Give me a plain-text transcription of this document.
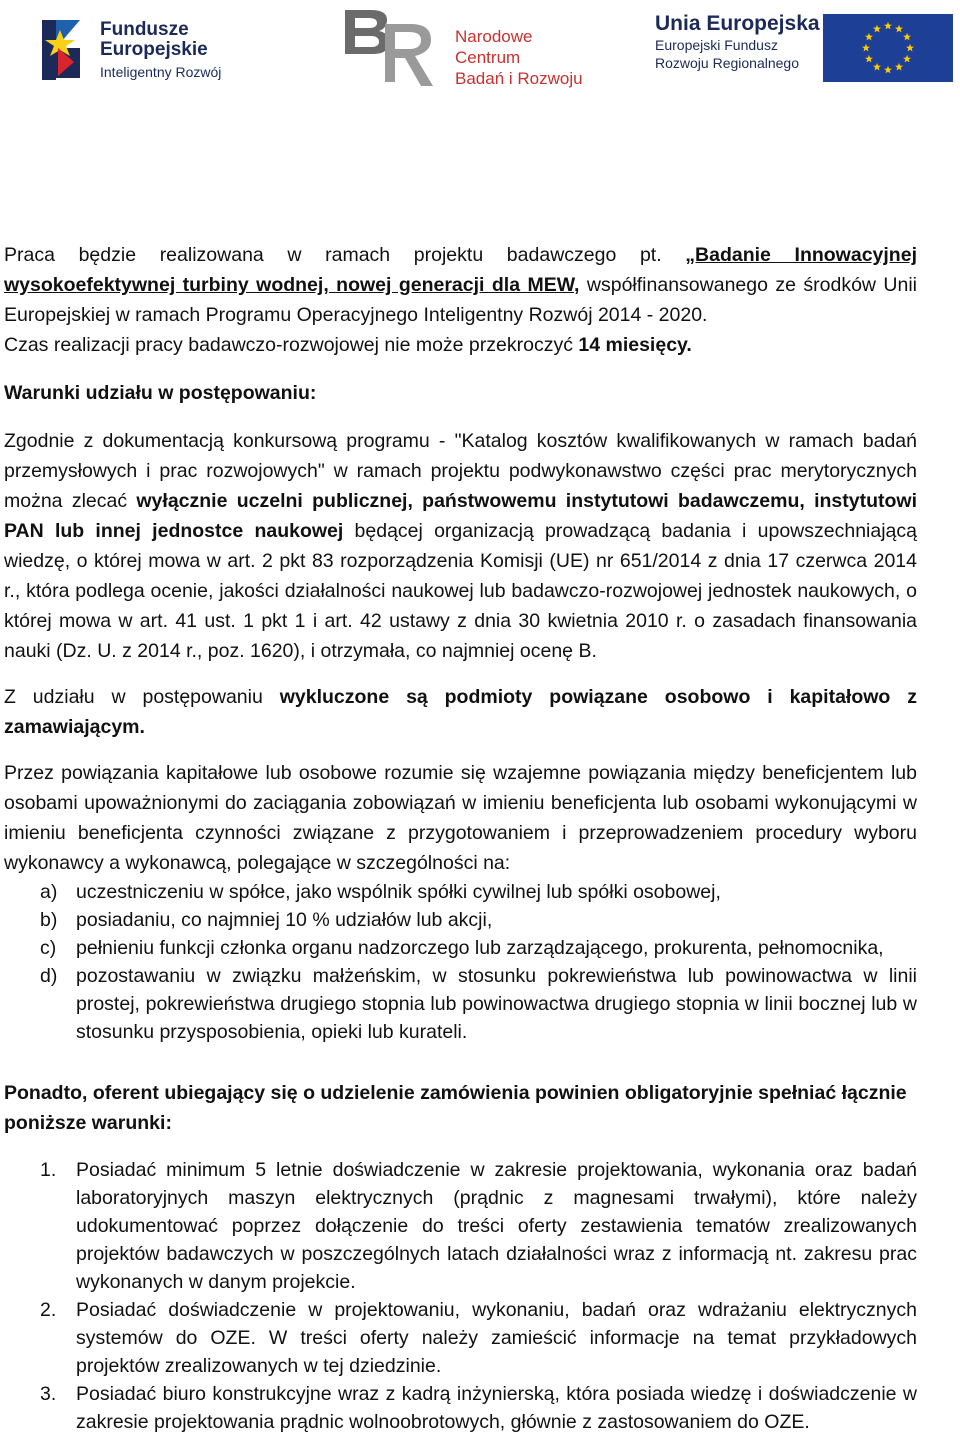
Fundusze
Europejskie
Inteligentny Rozwój
Narodowe Centrum
Badań i Rozwoju
Unia Europejska
Europejski Fundusz
Rozwoju Regionalnego

Praca będzie realizowana w ramach projektu badawczego pt. „Badanie Innowacyjnej wysokoefektywnej turbiny wodnej, nowej generacji dla MEW, współfinansowanego ze środków Unii Europejskiej w ramach Programu Operacyjnego Inteligentny Rozwój 2014 - 2020.

Czas realizacji pracy badawczo-rozwojowej nie może przekroczyć 14 miesięcy.

Warunki udziału w postępowaniu:

Zgodnie z dokumentacją konkursową programu - "Katalog kosztów kwalifikowanych w ramach badań przemysłowych i prac rozwojowych" w ramach projektu podwykonawstwo części prac merytorycznych można zlecać wyłącznie uczelni publicznej, państwowemu instytutowi badawczemu, instytutowi PAN lub innej jednostce naukowej będącej organizacją prowadzącą badania i upowszechniającą wiedzę, o której mowa w art. 2 pkt 83 rozporządzenia Komisji (UE) nr 651/2014 z dnia 17 czerwca 2014 r., która podlega ocenie, jakości działalności naukowej lub badawczo-rozwojowej jednostek naukowych, o której mowa w art. 41 ust. 1 pkt 1 i art. 42 ustawy z dnia 30 kwietnia 2010 r. o zasadach finansowania nauki (Dz. U. z 2014 r., poz. 1620), i otrzymała, co najmniej ocenę B.

Z udziału w postępowaniu wykluczone są podmioty powiązane osobowo i kapitałowo z zamawiającym.

Przez powiązania kapitałowe lub osobowe rozumie się wzajemne powiązania między beneficjentem lub osobami upoważnionymi do zaciągania zobowiązań w imieniu beneficjenta lub osobami wykonującymi w imieniu beneficjenta czynności związane z przygotowaniem i przeprowadzeniem procedury wyboru wykonawcy a wykonawcą, polegające w szczególności na:

a) uczestniczeniu w spółce, jako wspólnik spółki cywilnej lub spółki osobowej,
b) posiadaniu, co najmniej 10 % udziałów lub akcji,
c) pełnieniu funkcji członka organu nadzorczego lub zarządzającego, prokurenta, pełnomocnika,
d) pozostawaniu w związku małżeńskim, w stosunku pokrewieństwa lub powinowactwa w linii prostej, pokrewieństwa drugiego stopnia lub powinowactwa drugiego stopnia w linii bocznej lub w stosunku przysposobienia, opieki lub kurateli.

Ponadto, oferent ubiegający się o udzielenie zamówienia powinien obligatoryjnie spełniać łącznie poniższe warunki:

1. Posiadać minimum 5 letnie doświadczenie w zakresie projektowania, wykonania oraz badań laboratoryjnych maszyn elektrycznych (prądnic z magnesami trwałymi), które należy udokumentować poprzez dołączenie do treści oferty zestawienia tematów zrealizowanych projektów badawczych w poszczególnych latach działalności wraz z informacją nt. zakresu prac wykonanych w danym projekcie.
2. Posiadać doświadczenie w projektowaniu, wykonaniu, badań oraz wdrażaniu elektrycznych systemów do OZE. W treści oferty należy zamieścić informacje na temat przykładowych projektów zrealizowanych w tej dziedzinie.
3. Posiadać biuro konstrukcyjne wraz z kadrą inżynierską, która posiada wiedzę i doświadczenie w zakresie projektowania prądnic wolnoobrotowych, głównie z zastosowaniem do OZE.
